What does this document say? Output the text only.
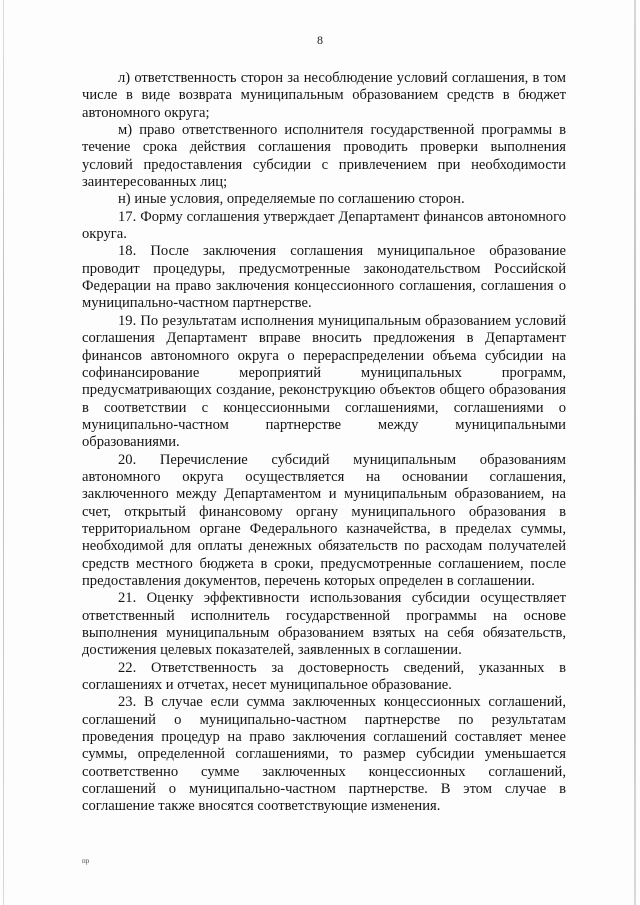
8

л) ответственность сторон за несоблюдение условий соглашения, в том числе в виде возврата муниципальным образованием средств в бюджет автономного округа;

м) право ответственного исполнителя государственной программы в течение срока действия соглашения проводить проверки выполнения условий предоставления субсидии с привлечением при необходимости заинтересованных лиц;

н) иные условия, определяемые по соглашению сторон.

17. Форму соглашения утверждает Департамент финансов автономного округа.

18. После заключения соглашения муниципальное образование проводит процедуры, предусмотренные законодательством Российской Федерации на право заключения концессионного соглашения, соглашения о муниципально-частном партнерстве.

19. По результатам исполнения муниципальным образованием условий соглашения Департамент вправе вносить предложения в Департамент финансов автономного округа о перераспределении объема субсидии на софинансирование мероприятий муниципальных программ, предусматривающих создание, реконструкцию объектов общего образования в соответствии с концессионными соглашениями, соглашениями о муниципально-частном партнерстве между муниципальными образованиями.

20. Перечисление субсидий муниципальным образованиям автономного округа осуществляется на основании соглашения, заключенного между Департаментом и муниципальным образованием, на счет, открытый финансовому органу муниципального образования в территориальном органе Федерального казначейства, в пределах суммы, необходимой для оплаты денежных обязательств по расходам получателей средств местного бюджета в сроки, предусмотренные соглашением, после предоставления документов, перечень которых определен в соглашении.

21. Оценку эффективности использования субсидии осуществляет ответственный исполнитель государственной программы на основе выполнения муниципальным образованием взятых на себя обязательств, достижения целевых показателей, заявленных в соглашении.

22. Ответственность за достоверность сведений, указанных в соглашениях и отчетах, несет муниципальное образование.

23. В случае если сумма заключенных концессионных соглашений, соглашений о муниципально-частном партнерстве по результатам проведения процедур на право заключения соглашений составляет менее суммы, определенной соглашениями, то размер субсидии уменьшается соответственно сумме заключенных концессионных соглашений, соглашений о муниципально-частном партнерстве. В этом случае в соглашение также вносятся соответствующие изменения.

пр
